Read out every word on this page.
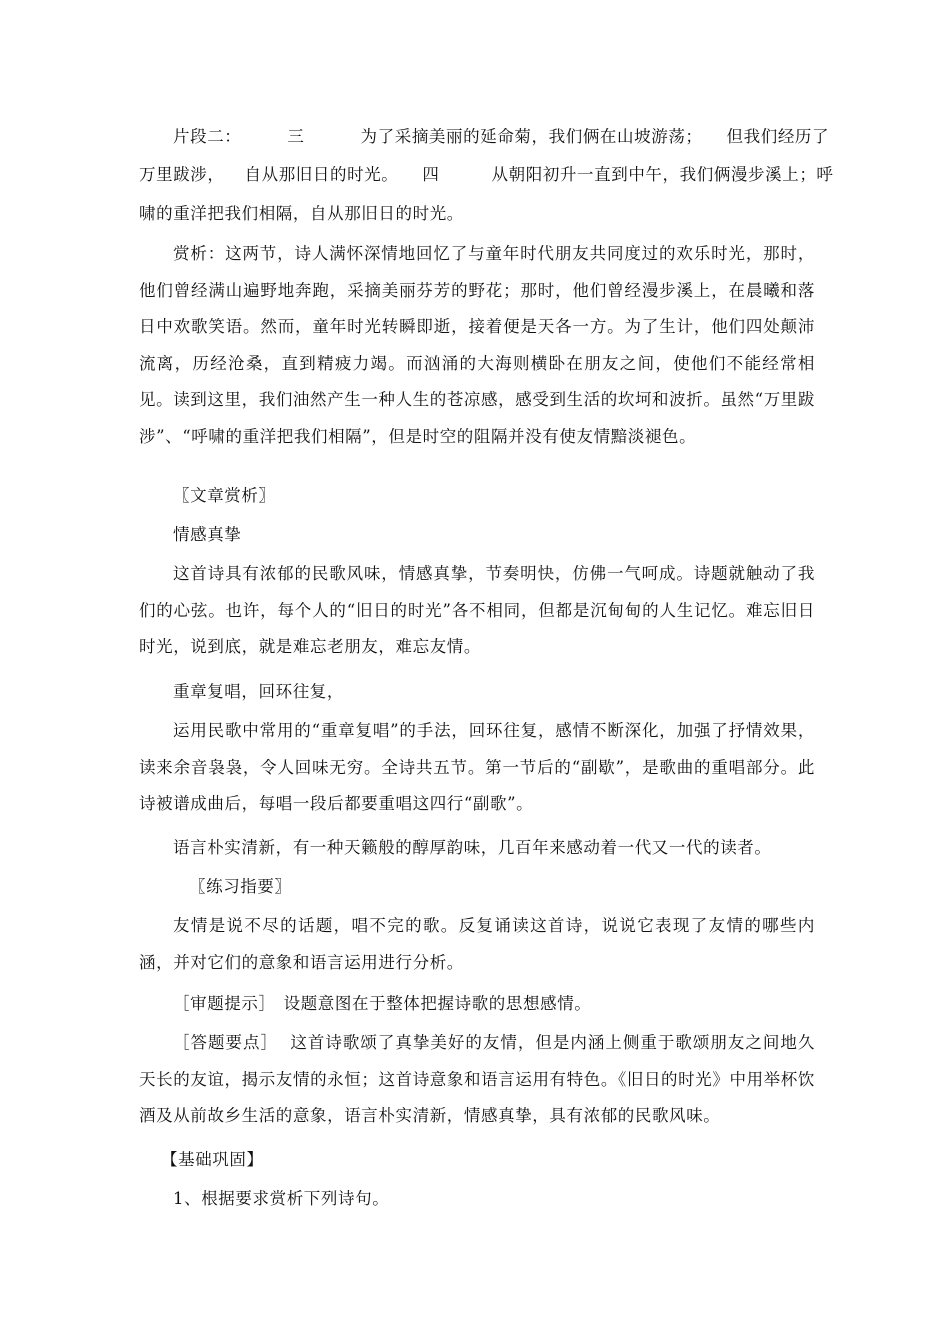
片段二：	三	为了采摘美丽的延命菊，我们俩在山坡游荡； 但我们经历了

万里跋涉， 自从那旧日的时光。 四	从朝阳初升一直到中午，我们俩漫步溪上；呼

啸的重洋把我们相隔，自从那旧日的时光。

赏析：这两节，诗人满怀深情地回忆了与童年时代朋友共同度过的欢乐时光，那时，他们曾经满山遍野地奔跑，采摘美丽芬芳的野花；那时，他们曾经漫步溪上，在晨曦和落日中欢歌笑语。然而，童年时光转瞬即逝，接着便是天各一方。为了生计，他们四处颠沛流离，历经沧桑，直到精疲力竭。而汹涌的大海则横卧在朋友之间，使他们不能经常相见。读到这里，我们油然产生一种人生的苍凉感，感受到生活的坎坷和波折。虽然“万里跋涉”、“呼啸的重洋把我们相隔”，但是时空的阻隔并没有使友情黯淡褪色。

〖文章赏析〗

情感真挚

这首诗具有浓郁的民歌风味，情感真挚，节奏明快，仿佛一气呵成。诗题就触动了我们的心弦。也许，每个人的“旧日的时光”各不相同，但都是沉甸甸的人生记忆。难忘旧日时光，说到底，就是难忘老朋友，难忘友情。

重章复唱，回环往复，

运用民歌中常用的“重章复唱”的手法，回环往复，感情不断深化，加强了抒情效果，读来余音袅袅，令人回味无穷。全诗共五节。第一节后的“副歇”，是歌曲的重唱部分。此诗被谱成曲后，每唱一段后都要重唱这四行“副歌”。

语言朴实清新，有一种天籁般的醇厚韵味，几百年来感动着一代又一代的读者。

〖练习指要〗

友情是说不尽的话题，唱不完的歌。反复诵读这首诗，说说它表现了友情的哪些内涵，并对它们的意象和语言运用进行分析。

［审题提示］ 设题意图在于整体把握诗歌的思想感情。

［答题要点］ 这首诗歌颂了真挚美好的友情，但是内涵上侧重于歌颂朋友之间地久天长的友谊，揭示友情的永恒；这首诗意象和语言运用有特色。《旧日的时光》中用举杯饮酒及从前故乡生活的意象，语言朴实清新，情感真挚，具有浓郁的民歌风味。

【基础巩固】

1、根据要求赏析下列诗句。
